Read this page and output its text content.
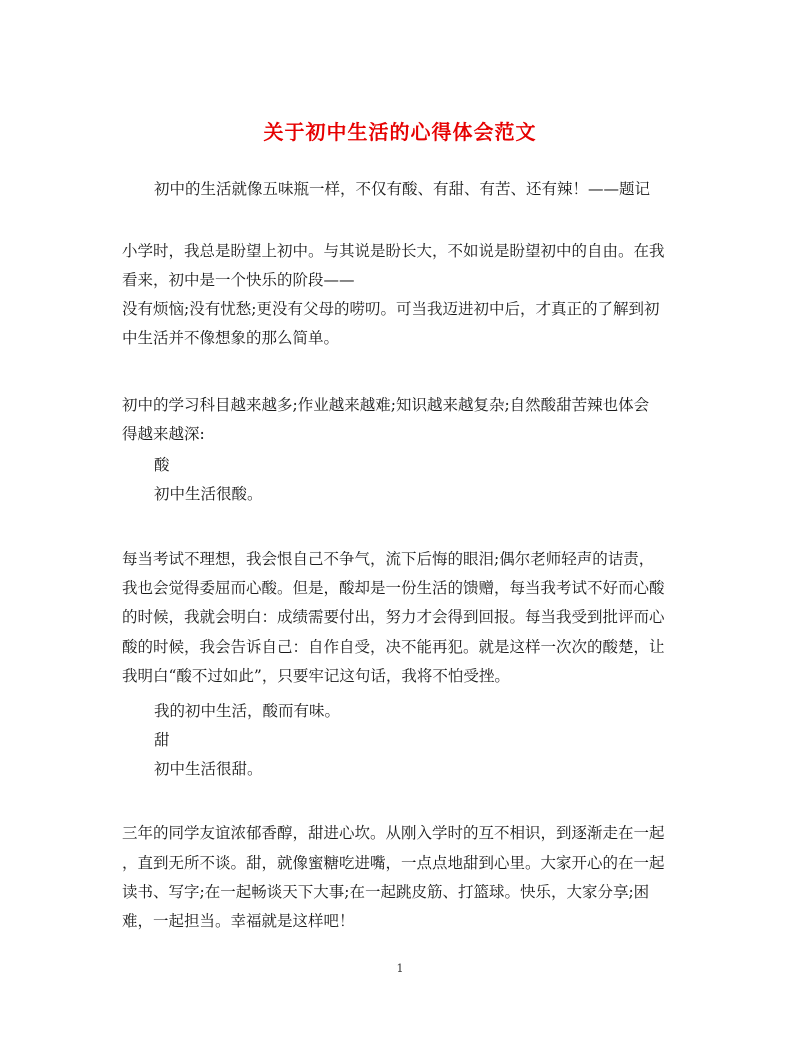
关于初中生活的心得体会范文
初中的生活就像五味瓶一样，不仅有酸、有甜、有苦、还有辣！——题记
小学时，我总是盼望上初中。与其说是盼长大，不如说是盼望初中的自由。在我
看来，初中是一个快乐的阶段——
没有烦恼;没有忧愁;更没有父母的唠叨。可当我迈进初中后，才真正的了解到初
中生活并不像想象的那么简单。
初中的学习科目越来越多;作业越来越难;知识越来越复杂;自然酸甜苦辣也体会
得越来越深:
酸
初中生活很酸。
每当考试不理想，我会恨自己不争气，流下后悔的眼泪;偶尔老师轻声的诘责，
我也会觉得委屈而心酸。但是，酸却是一份生活的馈赠，每当我考试不好而心酸
的时候，我就会明白：成绩需要付出，努力才会得到回报。每当我受到批评而心
酸的时候，我会告诉自己：自作自受，决不能再犯。就是这样一次次的酸楚，让
我明白“酸不过如此”，只要牢记这句话，我将不怕受挫。
我的初中生活，酸而有味。
甜
初中生活很甜。
三年的同学友谊浓郁香醇，甜进心坎。从刚入学时的互不相识，到逐渐走在一起
，直到无所不谈。甜，就像蜜糖吃进嘴，一点点地甜到心里。大家开心的在一起
读书、写字;在一起畅谈天下大事;在一起跳皮筋、打篮球。快乐，大家分享;困
难，一起担当。幸福就是这样吧！
1
